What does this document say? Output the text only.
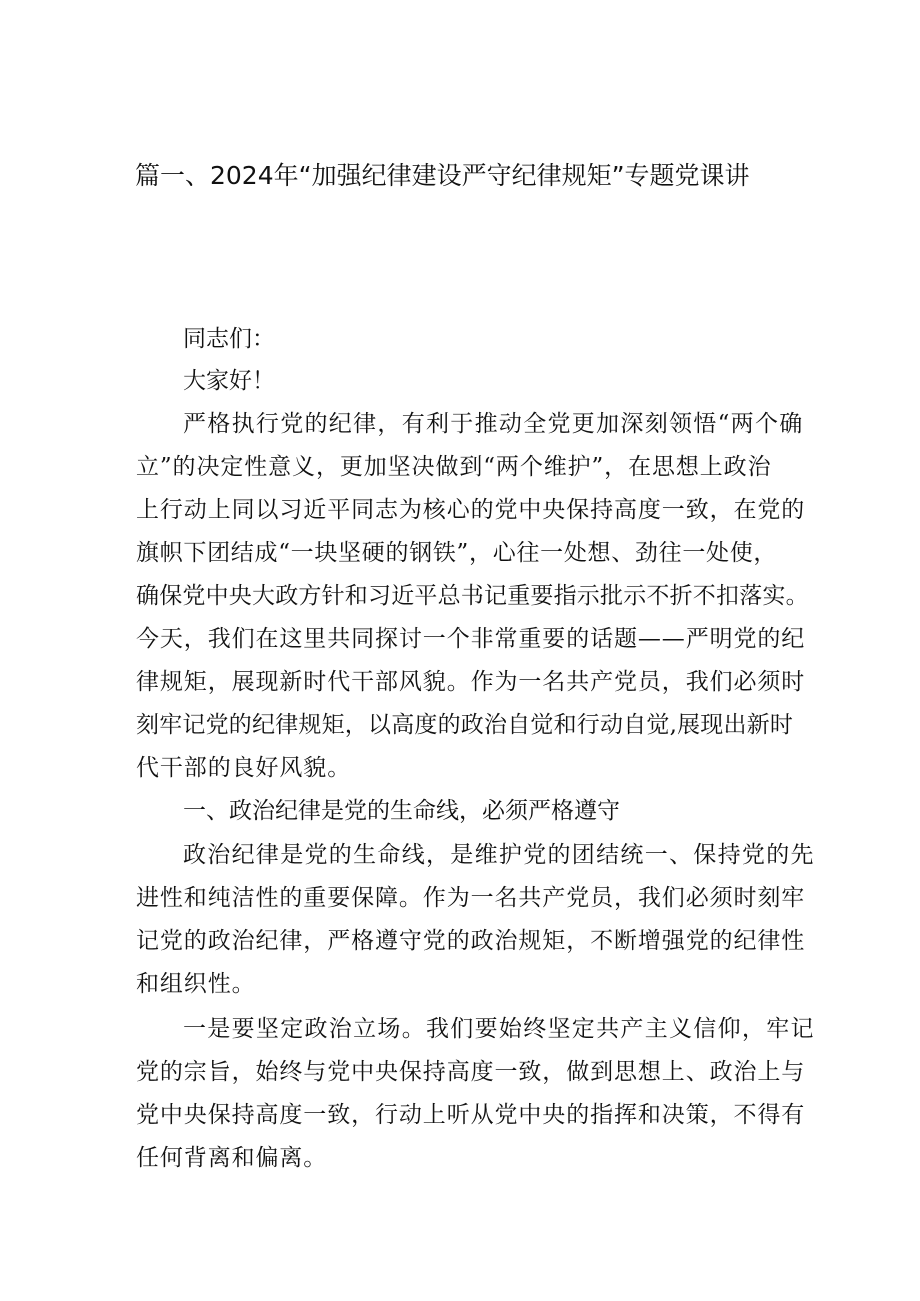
篇一、2024年“加强纪律建设严守纪律规矩”专题党课讲
同志们：
大家好！
严格执行党的纪律，有利于推动全党更加深刻领悟“两个确
立”的决定性意义，更加坚决做到“两个维护”，在思想上政治
上行动上同以习近平同志为核心的党中央保持高度一致，在党的
旗帜下团结成“一块坚硬的钢铁”，心往一处想、劲往一处使，
确保党中央大政方针和习近平总书记重要指示批示不折不扣落实。
今天，我们在这里共同探讨一个非常重要的话题——严明党的纪
律规矩，展现新时代干部风貌。作为一名共产党员，我们必须时
刻牢记党的纪律规矩，以高度的政治自觉和行动自觉,展现出新时
代干部的良好风貌。
一、政治纪律是党的生命线，必须严格遵守
政治纪律是党的生命线，是维护党的团结统一、保持党的先
进性和纯洁性的重要保障。作为一名共产党员，我们必须时刻牢
记党的政治纪律，严格遵守党的政治规矩，不断增强党的纪律性
和组织性。
一是要坚定政治立场。我们要始终坚定共产主义信仰，牢记
党的宗旨，始终与党中央保持高度一致，做到思想上、政治上与
党中央保持高度一致，行动上听从党中央的指挥和决策，不得有
任何背离和偏离。
